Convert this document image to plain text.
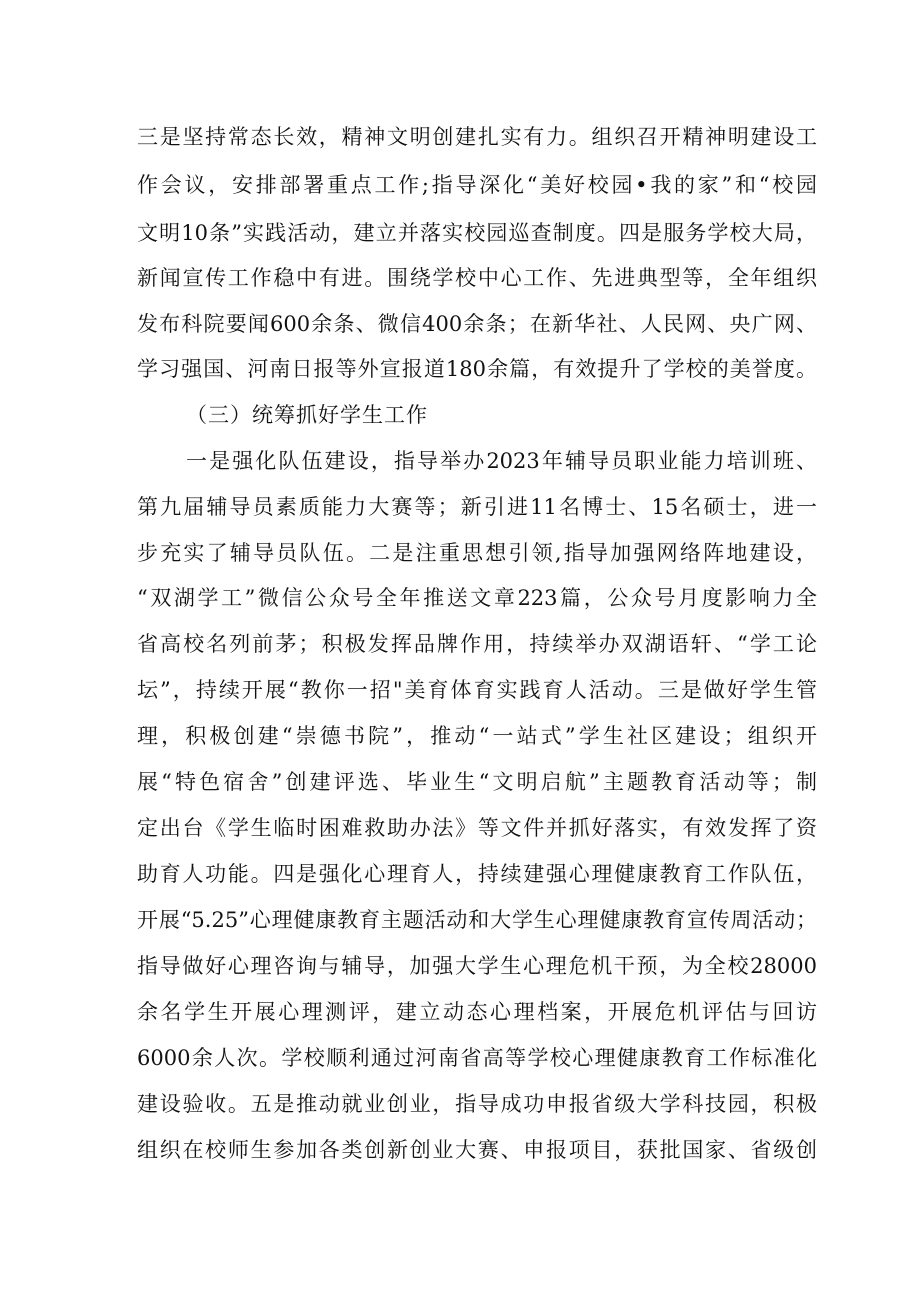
三是坚持常态长效，精神文明创建扎实有力。组织召开精神明建设工
作会议，安排部署重点工作;指导深化“美好校园•我的家”和“校园
文明10条”实践活动，建立并落实校园巡查制度。四是服务学校大局，
新闻宣传工作稳中有进。围绕学校中心工作、先进典型等，全年组织
发布科院要闻600余条、微信400余条；在新华社、人民网、央广网、
学习强国、河南日报等外宣报道180余篇，有效提升了学校的美誉度。
（三）统筹抓好学生工作
一是强化队伍建设，指导举办2023年辅导员职业能力培训班、
第九届辅导员素质能力大赛等；新引进11名博士、15名硕士，进一
步充实了辅导员队伍。二是注重思想引领,指导加强网络阵地建设，
“双湖学工”微信公众号全年推送文章223篇，公众号月度影响力全
省高校名列前茅；积极发挥品牌作用，持续举办双湖语轩、“学工论
坛”，持续开展“教你一招"美育体育实践育人活动。三是做好学生管
理，积极创建“崇德书院”，推动“一站式”学生社区建设；组织开
展“特色宿舍”创建评选、毕业生“文明启航”主题教育活动等；制
定出台《学生临时困难救助办法》等文件并抓好落实，有效发挥了资
助育人功能。四是强化心理育人，持续建强心理健康教育工作队伍，
开展“5.25”心理健康教育主题活动和大学生心理健康教育宣传周活动；
指导做好心理咨询与辅导，加强大学生心理危机干预，为全校28000
余名学生开展心理测评，建立动态心理档案，开展危机评估与回访
6000余人次。学校顺利通过河南省高等学校心理健康教育工作标准化
建设验收。五是推动就业创业，指导成功申报省级大学科技园，积极
组织在校师生参加各类创新创业大赛、申报项目，获批国家、省级创
